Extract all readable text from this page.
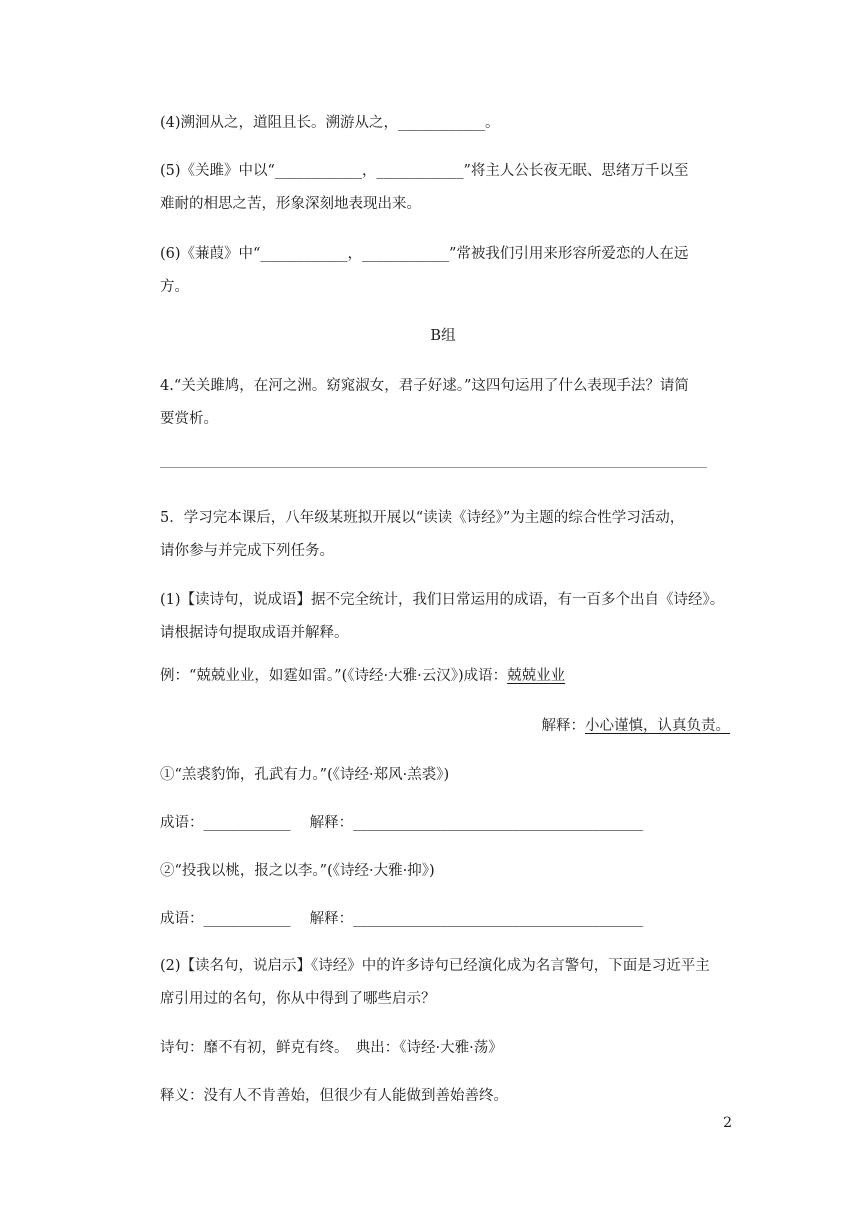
(4)溯洄从之，道阻且长。溯游从之，____________。
(5)《关雎》中以“____________，____________”将主人公长夜无眠、思绪万千以至
难耐的相思之苦，形象深刻地表现出来。
(6)《蒹葭》中“____________，____________”常被我们引用来形容所爱恋的人在远
方。
B组
4.“关关雎鸠，在河之洲。窈窕淑女，君子好逑。”这四句运用了什么表现手法？请简
要赏析。
5．学习完本课后，八年级某班拟开展以“读读《诗经》”为主题的综合性学习活动，
请你参与并完成下列任务。
(1)【读诗句，说成语】据不完全统计，我们日常运用的成语，有一百多个出自《诗经》。
请根据诗句提取成语并解释。
例：“兢兢业业，如霆如雷。”(《诗经·大雅·云汉》)成语：兢兢业业
解释：小心谨慎，认真负责。
①“羔裘豹饰，孔武有力。”(《诗经·郑风·羔裘》)
成语：____________　 解释：________________________________________
②“投我以桃，报之以李。”(《诗经·大雅·抑》)
成语：____________　 解释：________________________________________
(2)【读名句，说启示】《诗经》中的许多诗句已经演化成为名言警句，下面是习近平主
席引用过的名句，你从中得到了哪些启示？
诗句：靡不有初，鲜克有终。　典出：《诗经·大雅·荡》
释义：没有人不肯善始，但很少有人能做到善始善终。
2
